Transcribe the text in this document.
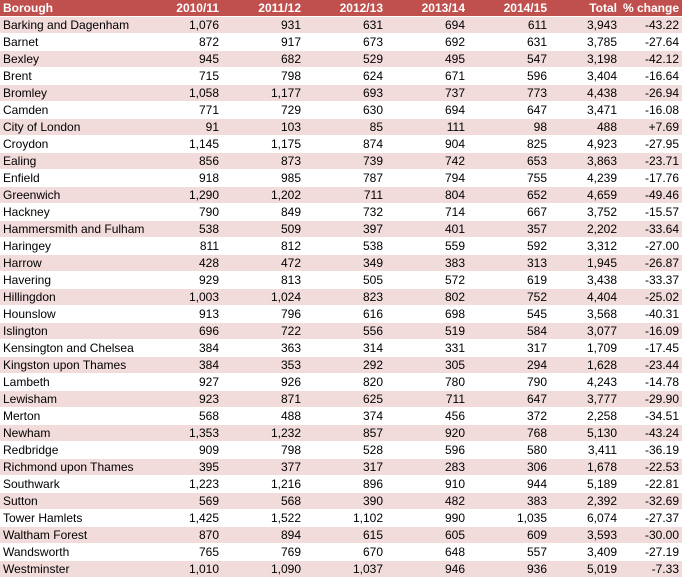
Borough	2010/11	2011/12	2012/13	2013/14	2014/15	Total	% change
Barking and Dagenham	1,076	931	631	694	611	3,943	-43.22
Barnet	872	917	673	692	631	3,785	-27.64
Bexley	945	682	529	495	547	3,198	-42.12
Brent	715	798	624	671	596	3,404	-16.64
Bromley	1,058	1,177	693	737	773	4,438	-26.94
Camden	771	729	630	694	647	3,471	-16.08
City of London	91	103	85	111	98	488	+7.69
Croydon	1,145	1,175	874	904	825	4,923	-27.95
Ealing	856	873	739	742	653	3,863	-23.71
Enfield	918	985	787	794	755	4,239	-17.76
Greenwich	1,290	1,202	711	804	652	4,659	-49.46
Hackney	790	849	732	714	667	3,752	-15.57
Hammersmith and Fulham	538	509	397	401	357	2,202	-33.64
Haringey	811	812	538	559	592	3,312	-27.00
Harrow	428	472	349	383	313	1,945	-26.87
Havering	929	813	505	572	619	3,438	-33.37
Hillingdon	1,003	1,024	823	802	752	4,404	-25.02
Hounslow	913	796	616	698	545	3,568	-40.31
Islington	696	722	556	519	584	3,077	-16.09
Kensington and Chelsea	384	363	314	331	317	1,709	-17.45
Kingston upon Thames	384	353	292	305	294	1,628	-23.44
Lambeth	927	926	820	780	790	4,243	-14.78
Lewisham	923	871	625	711	647	3,777	-29.90
Merton	568	488	374	456	372	2,258	-34.51
Newham	1,353	1,232	857	920	768	5,130	-43.24
Redbridge	909	798	528	596	580	3,411	-36.19
Richmond upon Thames	395	377	317	283	306	1,678	-22.53
Southwark	1,223	1,216	896	910	944	5,189	-22.81
Sutton	569	568	390	482	383	2,392	-32.69
Tower Hamlets	1,425	1,522	1,102	990	1,035	6,074	-27.37
Waltham Forest	870	894	615	605	609	3,593	-30.00
Wandsworth	765	769	670	648	557	3,409	-27.19
Westminster	1,010	1,090	1,037	946	936	5,019	-7.33
